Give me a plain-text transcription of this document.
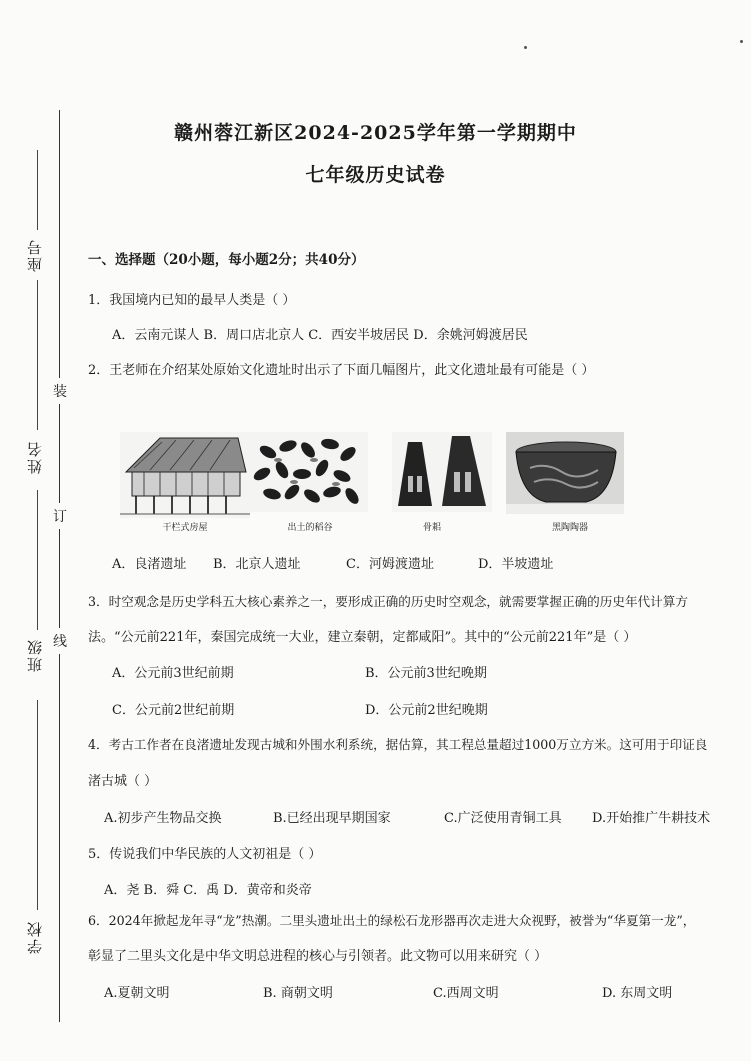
座号
姓名
班级
学校
装
订
线
赣州蓉江新区2024-2025学年第一学期期中
七年级历史试卷
一、选择题（20小题，每小题2分；共40分）
1．我国境内已知的最早人类是（ ）
A．云南元谋人 B．周口店北京人 C．西安半坡居民 D．余姚河姆渡居民
2．王老师在介绍某处原始文化遗址时出示了下面几幅图片，此文化遗址最有可能是（ ）
干栏式房屋	出土的稻谷	骨耜	黑陶陶器
A．良渚遗址 B．北京人遗址	C．河姆渡遗址	D．半坡遗址
3．时空观念是历史学科五大核心素养之一，要形成正确的历史时空观念，就需要掌握正确的历史年代计算方
法。“公元前221年，秦国完成统一大业，建立秦朝，定都咸阳”。其中的“公元前221年”是（ ）
A．公元前3世纪前期	B．公元前3世纪晚期
C．公元前2世纪前期	D．公元前2世纪晚期
4．考古工作者在良渚遗址发现古城和外围水利系统，据估算，其工程总量超过1000万立方米。这可用于印证良
渚古城（ ）
A.初步产生物品交换	B.已经出现早期国家	C.广泛使用青铜工具 D.开始推广牛耕技术
5．传说我们中华民族的人文初祖是（ ）
A．尧 B．舜 C．禹 D．黄帝和炎帝
6．2024年掀起龙年寻“龙”热潮。二里头遗址出土的绿松石龙形器再次走进大众视野，被誉为“华夏第一龙”，
彰显了二里头文化是中华文明总进程的核心与引领者。此文物可以用来研究（ ）
A.夏朝文明	B. 商朝文明	C.西周文明	D. 东周文明
